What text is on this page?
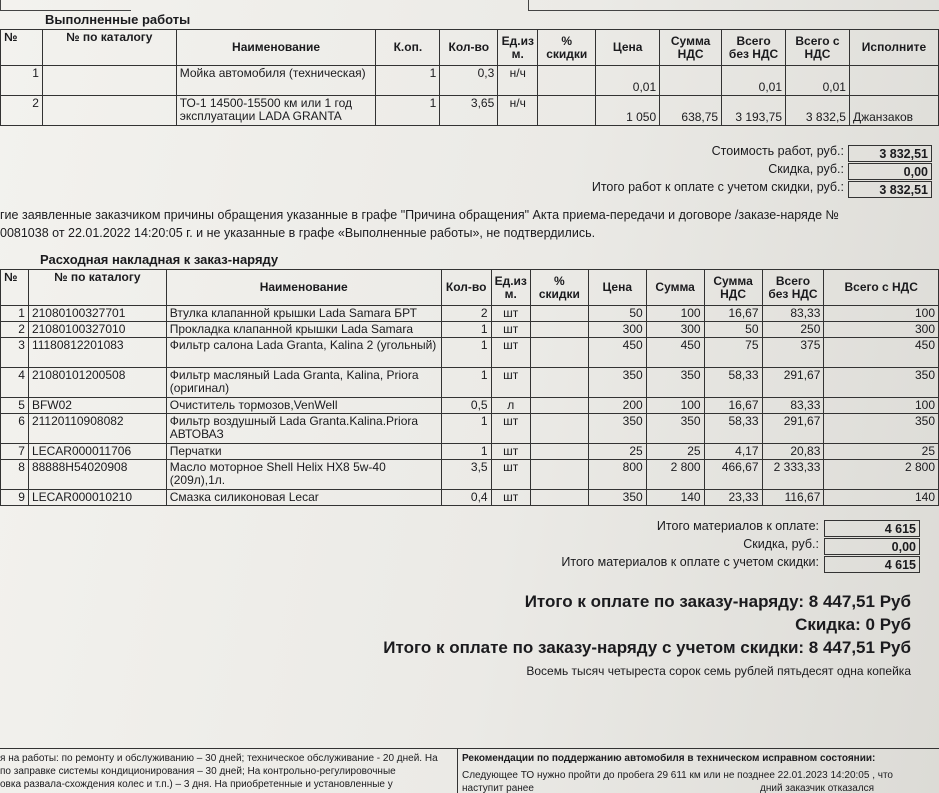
Выполненные работы
№	№ по каталогу	Наименование	К.оп.	Кол-во	Ед.из м.	% скидки	Цена	Сумма НДС	Всего без НДС	Всего с НДС	Исполните
1		Мойка автомобиля (техническая)	1	0,3	н/ч		0,01		0,01	0,01	
2		ТО-1 14500-15500 км или 1 год эксплуатации LADA GRANTA	1	3,65	н/ч		1 050	638,75	3 193,75	3 832,5	Джанзаков
Стоимость работ, руб.:	3 832,51
Скидка, руб.:	0,00
Итого работ к оплате с учетом скидки, руб.:	3 832,51
гие заявленные заказчиком причины обращения указанные в графе "Причина обращения" Акта приема-передачи и договоре /заказе-наряде №
0081038 от 22.01.2022 14:20:05 г. и не указанные в графе «Выполненные работы», не подтвердились.
Расходная накладная к заказ-наряду
№	№ по каталогу	Наименование	Кол-во	Ед.из м.	% скидки	Цена	Сумма	Сумма НДС	Всего без НДС	Всего с НДС
1	21080100327701	Втулка клапанной крышки Lada Samara БРТ	2	шт		50	100	16,67	83,33	100
2	21080100327010	Прокладка клапанной крышки Lada Samara	1	шт		300	300	50	250	300
3	11180812201083	Фильтр салона Lada Granta, Kalina 2 (угольный)	1	шт		450	450	75	375	450
4	21080101200508	Фильтр масляный Lada Granta, Kalina, Priora (оригинал)	1	шт		350	350	58,33	291,67	350
5	BFW02	Очиститель тормозов,VenWell	0,5	л		200	100	16,67	83,33	100
6	21120110908082	Фильтр воздушный Lada Granta.Kalina.Priora АВТОВАЗ	1	шт		350	350	58,33	291,67	350
7	LECAR000011706	Перчатки	1	шт		25	25	4,17	20,83	25
8	88888H54020908	Масло моторное Shell Helix HX8 5w-40 (209л),1л.	3,5	шт		800	2 800	466,67	2 333,33	2 800
9	LECAR000010210	Смазка силиконовая Lecar	0,4	шт		350	140	23,33	116,67	140
Итого материалов к оплате:	4 615
Скидка, руб.:	0,00
Итого материалов к оплате с учетом скидки:	4 615
Итого к оплате по заказу-наряду: 8 447,51 Руб
Скидка: 0 Руб
Итого к оплате по заказу-наряду с учетом скидки: 8 447,51 Руб
Восемь тысяч четыреста сорок семь рублей пятьдесят одна копейка
я на работы: по ремонту и обслуживанию – 30 дней; техническое обслуживание - 20 дней. На
по заправке системы кондиционирования – 30 дней; На контрольно-регулировочные
овка развала-схождения колес и т.п.) – 3 дня. На приобретенные и установленные у
Рекомендации по поддержанию автомобиля в техническом исправном состоянии:
Следующее ТО нужно пройти до пробега 29 611 км или не позднее 22.01.2023 14:20:05 , что наступит ранее	дний заказчик отказался
